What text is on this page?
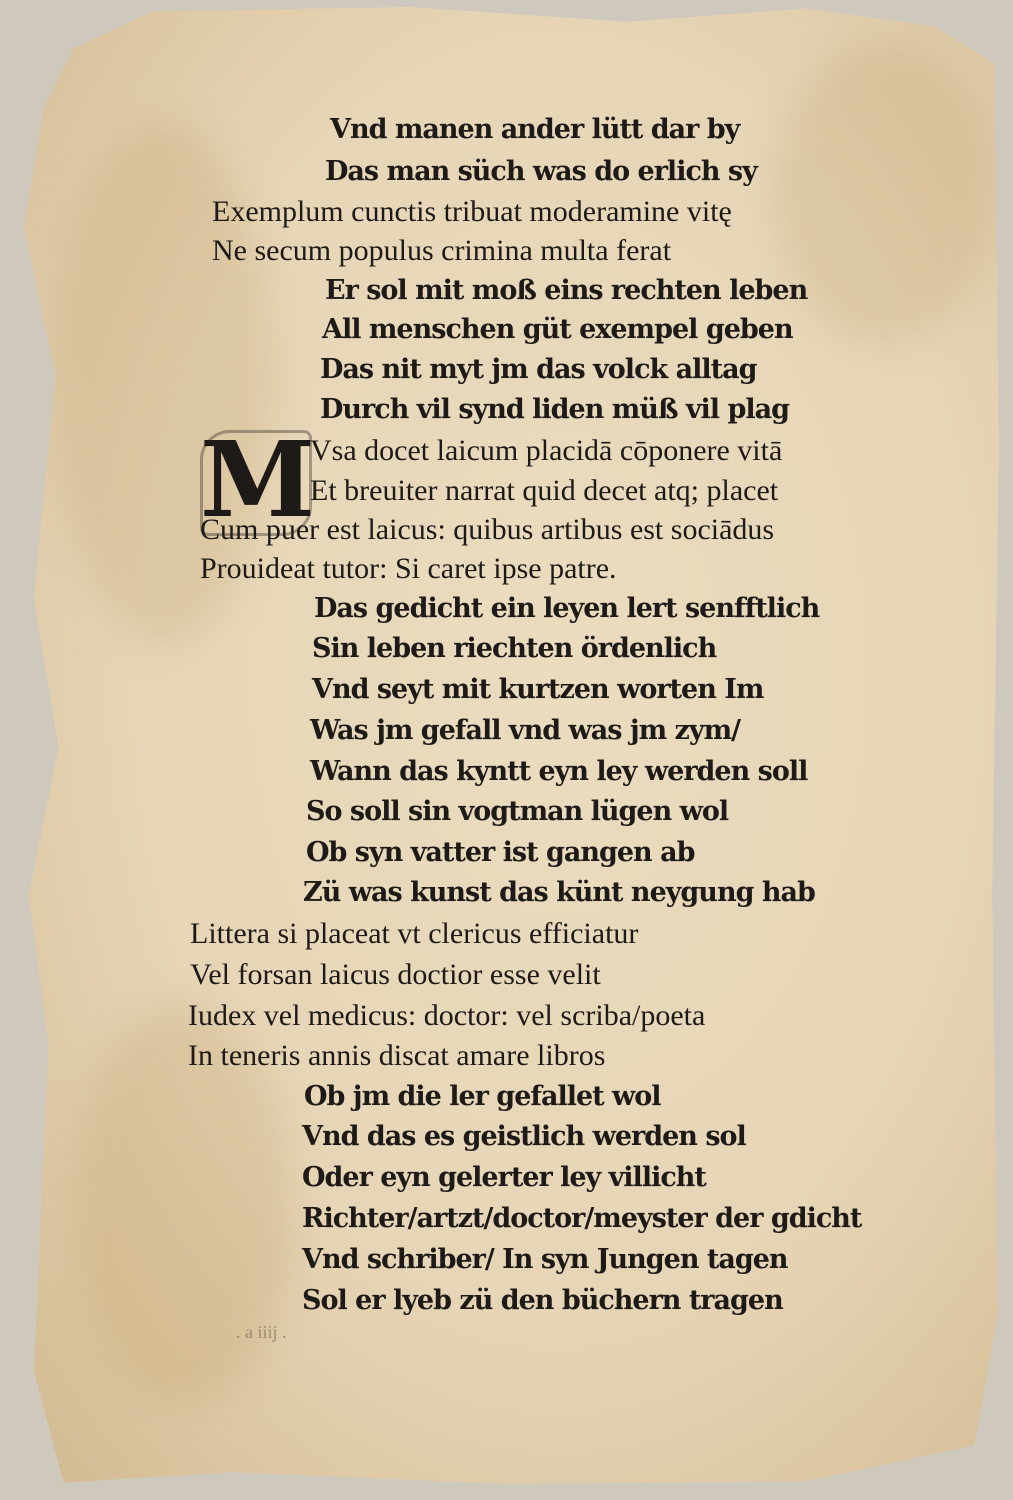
M
Vnd manen ander lütt dar by
Das man süch was do erlich sy
Exemplum cunctis tribuat moderamine vitę
Ne secum populus crimina multa ferat
Er sol mit moß eins rechten leben
All menschen güt exempel geben
Das nit myt jm das volck alltag
Durch vil synd liden müß vil plag
Vsa docet laicum placidā cōponere vitā
Et breuiter narrat quid decet atq; placet
Cum puer est laicus: quibus artibus est sociādus
Prouideat tutor: Si caret ipse patre.
Das gedicht ein leyen lert senfftlich
Sin leben riechten ördenlich
Vnd seyt mit kurtzen worten Im
Was jm gefall vnd was jm zym/
Wann das kyntt eyn ley werden soll
So soll sin vogtman lügen wol
Ob syn vatter ist gangen ab
Zü was kunst das künt neygung hab
Littera si placeat vt clericus efficiatur
Vel forsan laicus doctior esse velit
Iudex vel medicus: doctor: vel scriba/poeta
In teneris annis discat amare libros
Ob jm die ler gefallet wol
Vnd das es geistlich werden sol
Oder eyn gelerter ley villicht
Richter/artzt/doctor/meyster der gdicht
Vnd schriber/ In syn Jungen tagen
Sol er lyeb zü den büchern tragen
. a iiij .
